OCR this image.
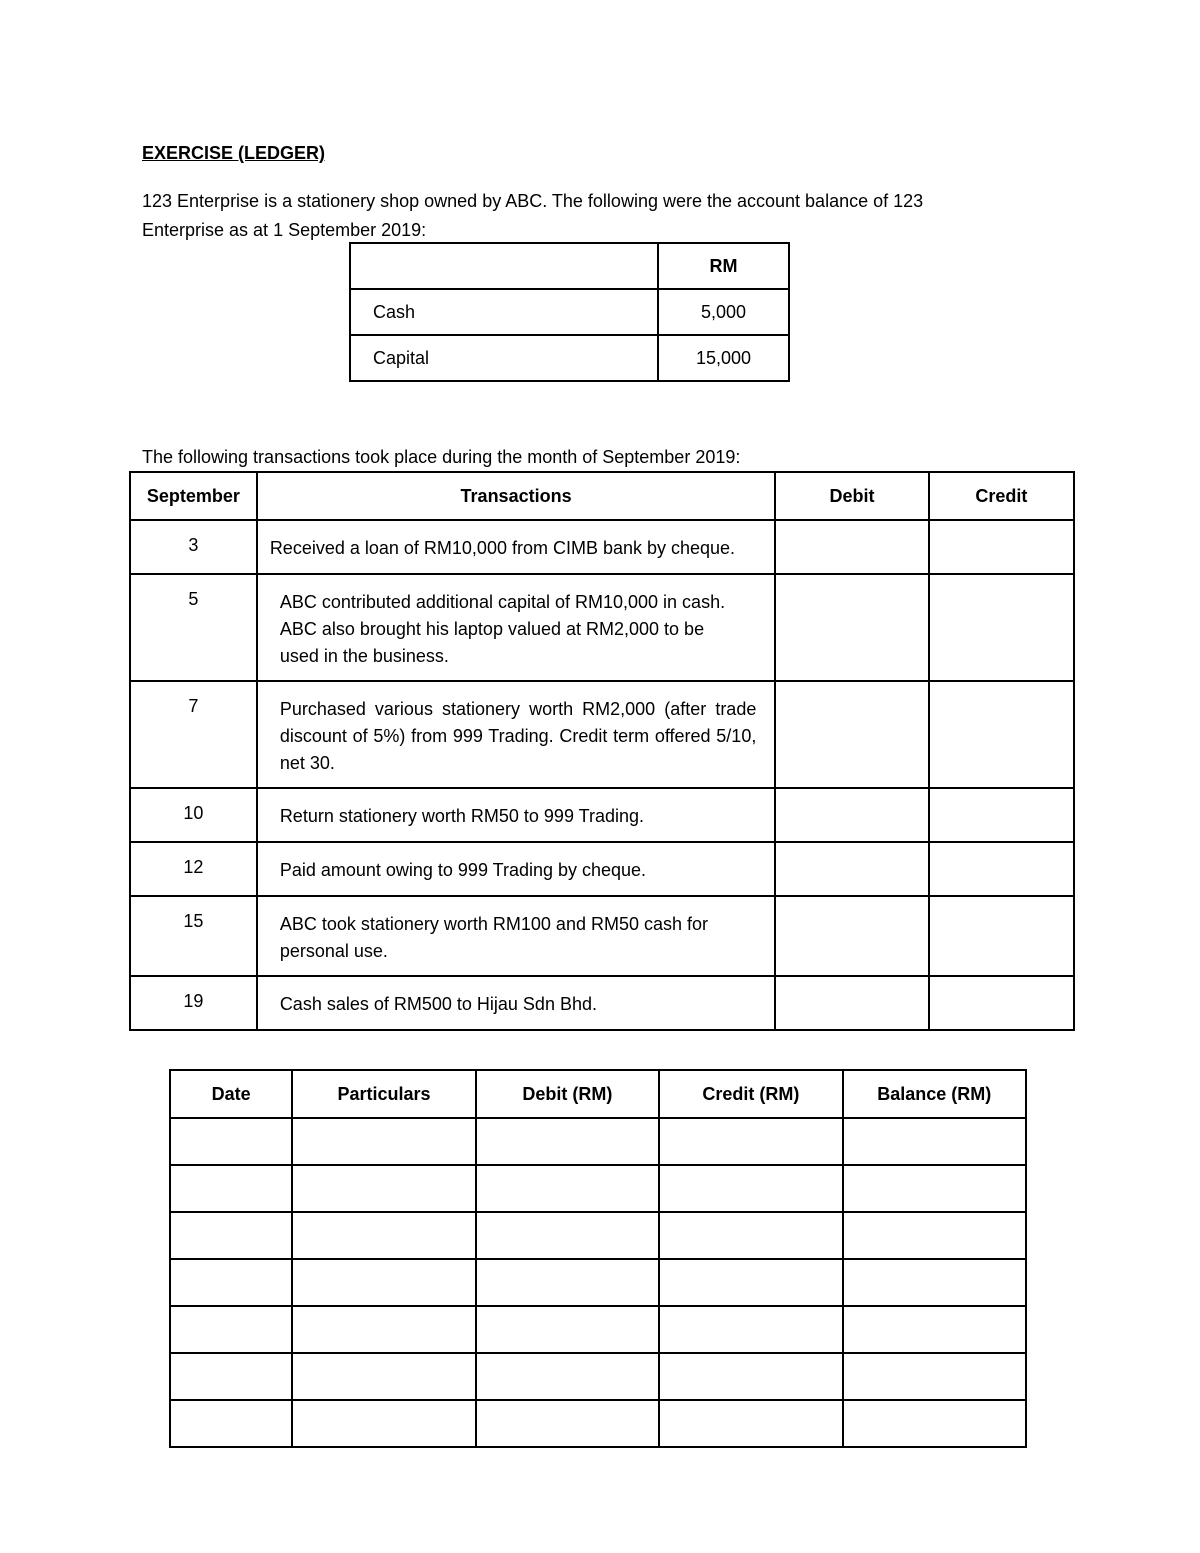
EXERCISE (LEDGER)

123 Enterprise is a stationery shop owned by ABC. The following were the account balance of 123

Enterprise as at 1 September 2019:

	RM
Cash	5,000
Capital	15,000
The following transactions took place during the month of September 2019:
September	Transactions	Debit	Credit
3	Received a loan of RM10,000 from CIMB bank by cheque.		
5	ABC contributed additional capital of RM10,000 in cash. ABC also brought his laptop valued at RM2,000 to be used in the business.		
7	Purchased various stationery worth RM2,000 (after trade discount of 5%) from 999 Trading. Credit term offered 5/10, net 30.		
10	Return stationery worth RM50 to 999 Trading.		
12	Paid amount owing to 999 Trading by cheque.		
15	ABC took stationery worth RM100 and RM50 cash for personal use.		
19	Cash sales of RM500 to Hijau Sdn Bhd.		
Date	Particulars	Debit (RM)	Credit (RM)	Balance (RM)
